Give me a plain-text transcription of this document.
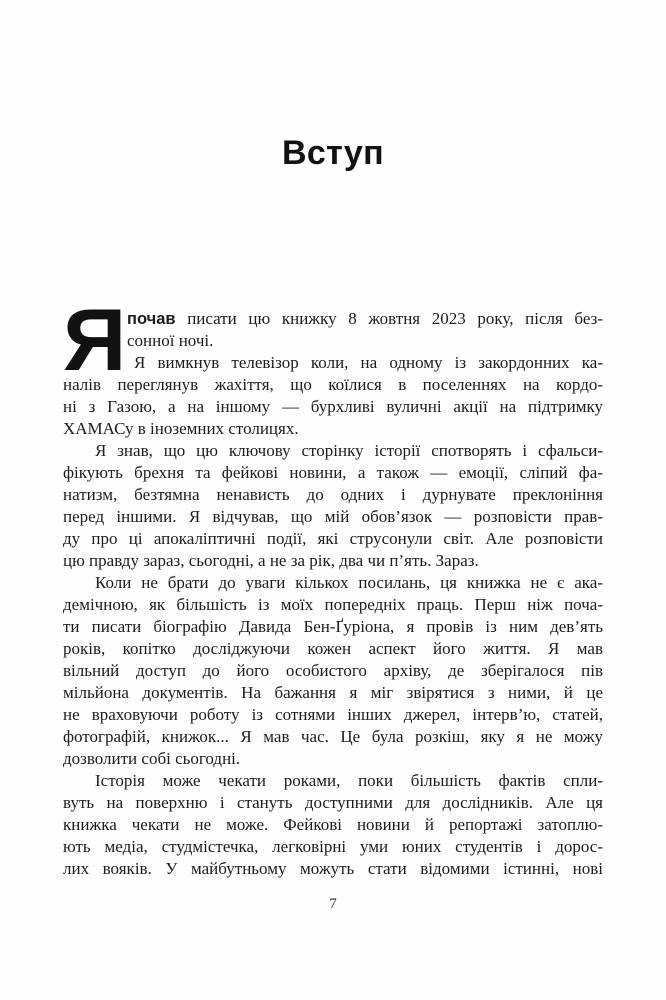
Вступ
Я почав писати цю книжку 8 жовтня 2023 року, після без-
сонної ночі.
Я вимкнув телевізор коли, на одному із закордонних ка-
налів переглянув жахіття, що коїлися в поселеннях на кордо-
ні з Газою, а на іншому — бурхливі вуличні акції на підтримку
ХАМАСу в іноземних столицях.
Я знав, що цю ключову сторінку історії спотворять і сфальси-
фікують брехня та фейкові новини, а також — емоції, сліпий фа-
натизм, безтямна ненависть до одних і дурнувате преклоніння
перед іншими. Я відчував, що мій обов’язок — розповісти прав-
ду про ці апокаліптичні події, які струсонули світ. Але розповісти
цю правду зараз, сьогодні, а не за рік, два чи п’ять. Зараз.
Коли не брати до уваги кількох посилань, ця книжка не є ака-
демічною, як більшість із моїх попередніх праць. Перш ніж поча-
ти писати біографію Давида Бен-Ґуріона, я провів із ним дев’ять
років, копітко досліджуючи кожен аспект його життя. Я мав
вільний доступ до його особистого архіву, де зберігалося пів
мільйона документів. На бажання я міг звірятися з ними, й це
не враховуючи роботу із сотнями інших джерел, інтерв’ю, статей,
фотографій, книжок... Я мав час. Це була розкіш, яку я не можу
дозволити собі сьогодні.
Історія може чекати роками, поки більшість фактів спли-
вуть на поверхню і стануть доступними для дослідників. Але ця
книжка чекати не може. Фейкові новини й репортажі затоплю-
ють медіа, студмістечка, легковірні уми юних студентів і дорос-
лих вояків. У майбутньому можуть стати відомими істинні, нові
7
